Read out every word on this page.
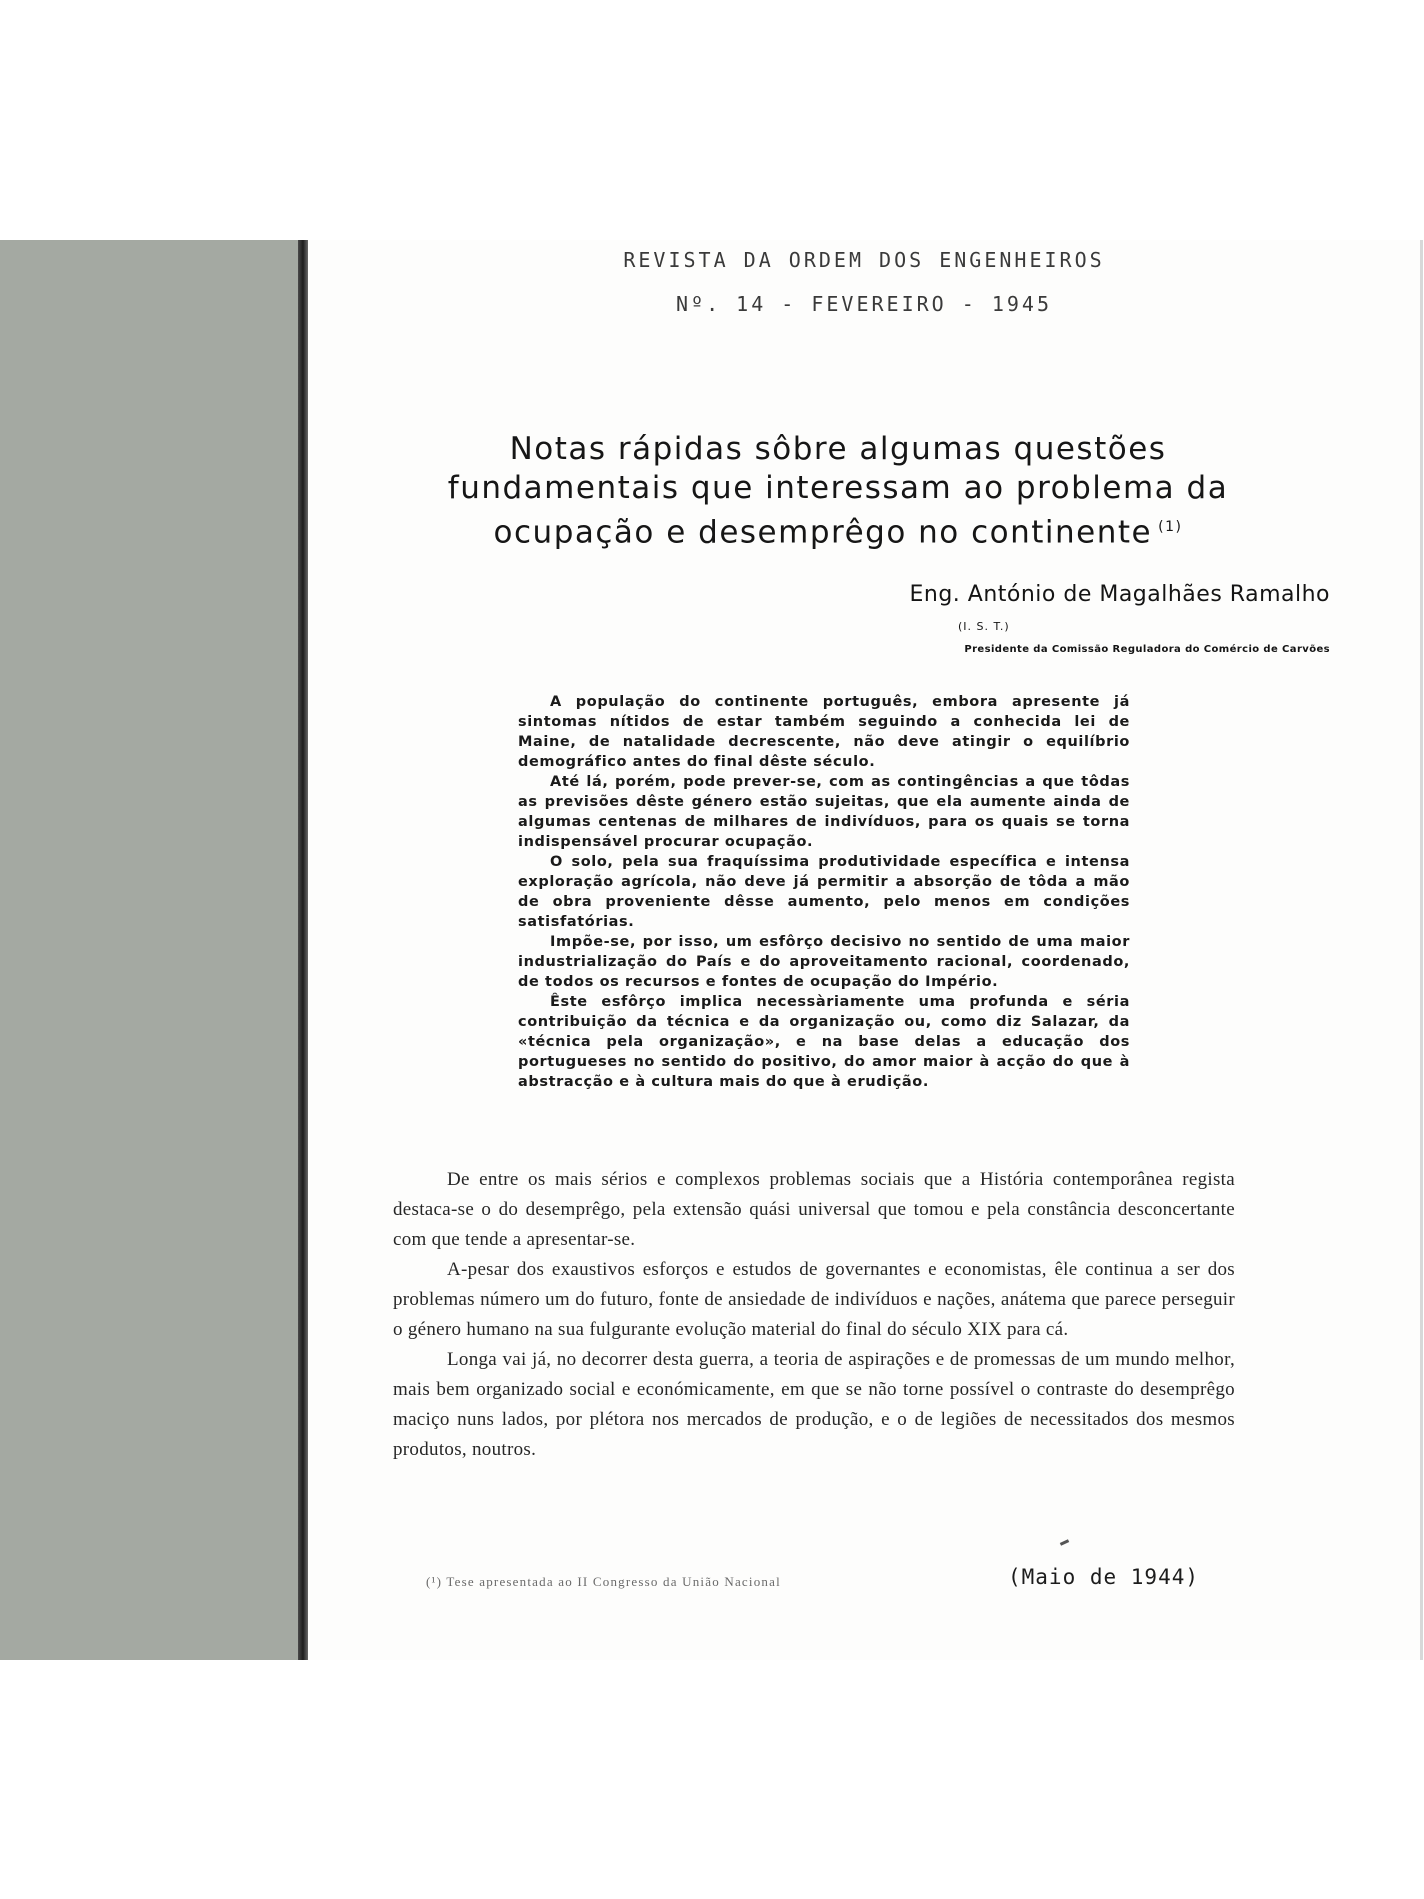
REVISTA DA ORDEM DOS ENGENHEIROS
Nº. 14 - FEVEREIRO - 1945
Notas rápidas sôbre algumas questões fundamentais que interessam ao problema da ocupação e desemprêgo no continente $^{(1)}$
Eng. António de Magalhães Ramalho
(I. S. T.)
Presidente da Comissão Reguladora do Comércio de Carvões

A população do continente português, embora apresente já sintomas nítidos de estar também seguindo a conhecida lei de Maine, de natalidade decrescente, não deve atingir o equilíbrio demográfico antes do final dêste século.

Até lá, porém, pode prever-se, com as contingências a que tôdas as previsões dêste género estão sujeitas, que ela aumente ainda de algumas centenas de milhares de indivíduos, para os quais se torna indispensável procurar ocupação.

O solo, pela sua fraquíssima produtividade específica e intensa exploração agrícola, não deve já permitir a absorção de tôda a mão de obra proveniente dêsse aumento, pelo menos em condições satisfatórias.

Impõe-se, por isso, um esfôrço decisivo no sentido de uma maior industrialização do País e do aproveitamento racional, coordenado, de todos os recursos e fontes de ocupação do Império.

Êste esfôrço implica necessàriamente uma profunda e séria contribuição da técnica e da organização ou, como diz Salazar, da «técnica pela organização», e na base delas a educação dos portugueses no sentido do positivo, do amor maior à acção do que à abstracção e à cultura mais do que à erudição.

De entre os mais sérios e complexos problemas sociais que a História contemporânea regista destaca-se o do desemprêgo, pela extensão quási universal que tomou e pela constância desconcertante com que tende a apresentar-se.

A-pesar dos exaustivos esforços e estudos de governantes e economistas, êle continua a ser dos problemas número um do futuro, fonte de ansiedade de indivíduos e nações, anátema que parece perseguir o género humano na sua fulgurante evolução material do final do século XIX para cá.

Longa vai já, no decorrer desta guerra, a teoria de aspirações e de promessas de um mundo melhor, mais bem organizado social e económicamente, em que se não torne possível o contraste do desemprêgo maciço nuns lados, por plétora nos mercados de produção, e o de legiões de necessitados dos mesmos produtos, noutros.

(¹) Tese apresentada ao II Congresso da União Nacional	(Maio de 1944)
